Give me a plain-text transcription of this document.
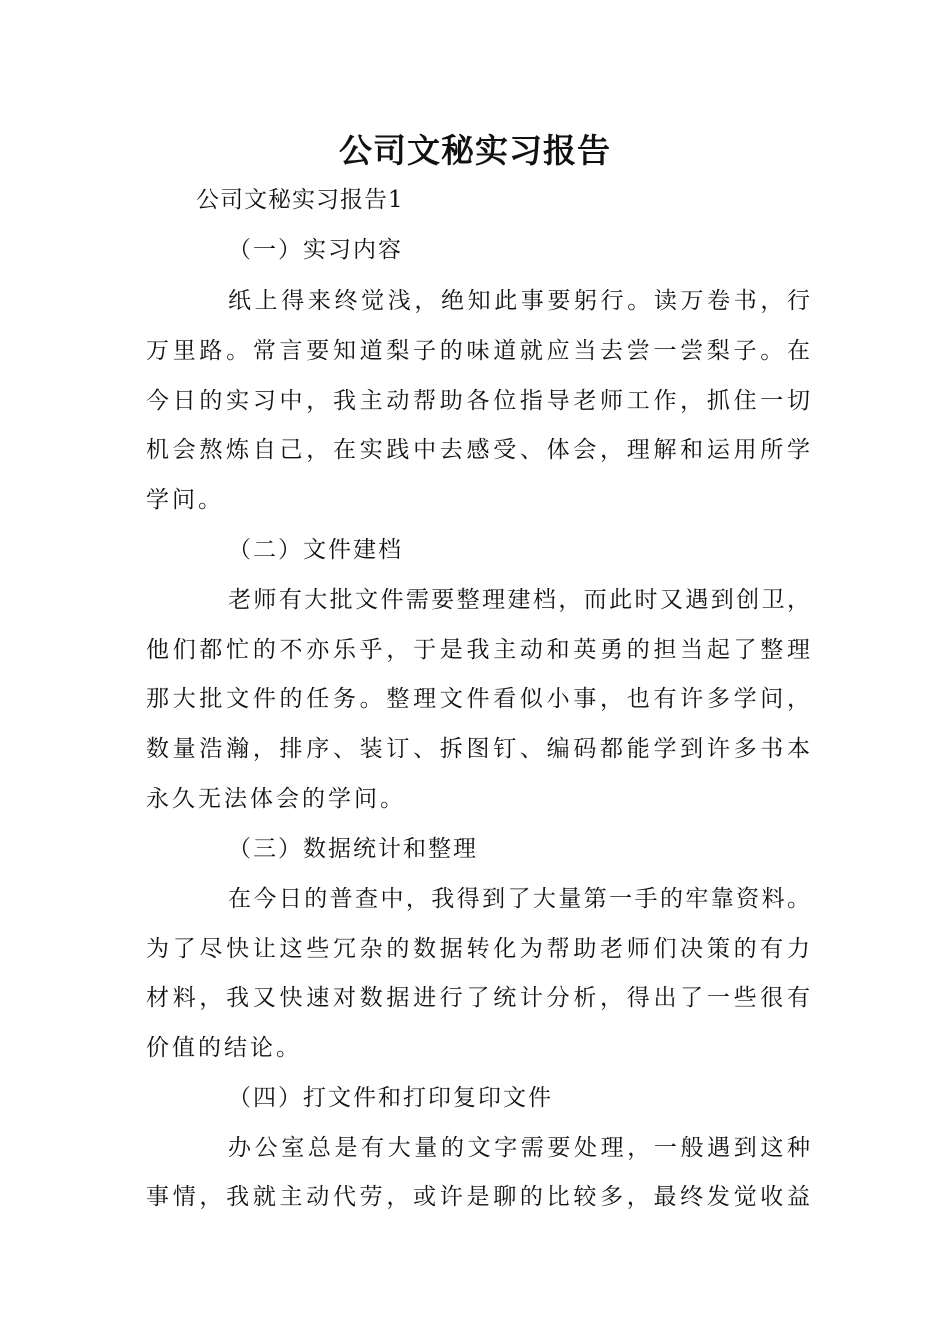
公司文秘实习报告
公司文秘实习报告1
（一）实习内容
纸上得来终觉浅，绝知此事要躬行。读万卷书，行
万里路。常言要知道梨子的味道就应当去尝一尝梨子。在
今日的实习中，我主动帮助各位指导老师工作，抓住一切
机会熬炼自己，在实践中去感受、体会，理解和运用所学
学问。
（二）文件建档
老师有大批文件需要整理建档，而此时又遇到创卫，
他们都忙的不亦乐乎，于是我主动和英勇的担当起了整理
那大批文件的任务。整理文件看似小事，也有许多学问，
数量浩瀚，排序、装订、拆图钉、编码都能学到许多书本
永久无法体会的学问。
（三）数据统计和整理
在今日的普查中，我得到了大量第一手的牢靠资料。
为了尽快让这些冗杂的数据转化为帮助老师们决策的有力
材料，我又快速对数据进行了统计分析，得出了一些很有
价值的结论。
（四）打文件和打印复印文件
办公室总是有大量的文字需要处理，一般遇到这种
事情，我就主动代劳，或许是聊的比较多，最终发觉收益
